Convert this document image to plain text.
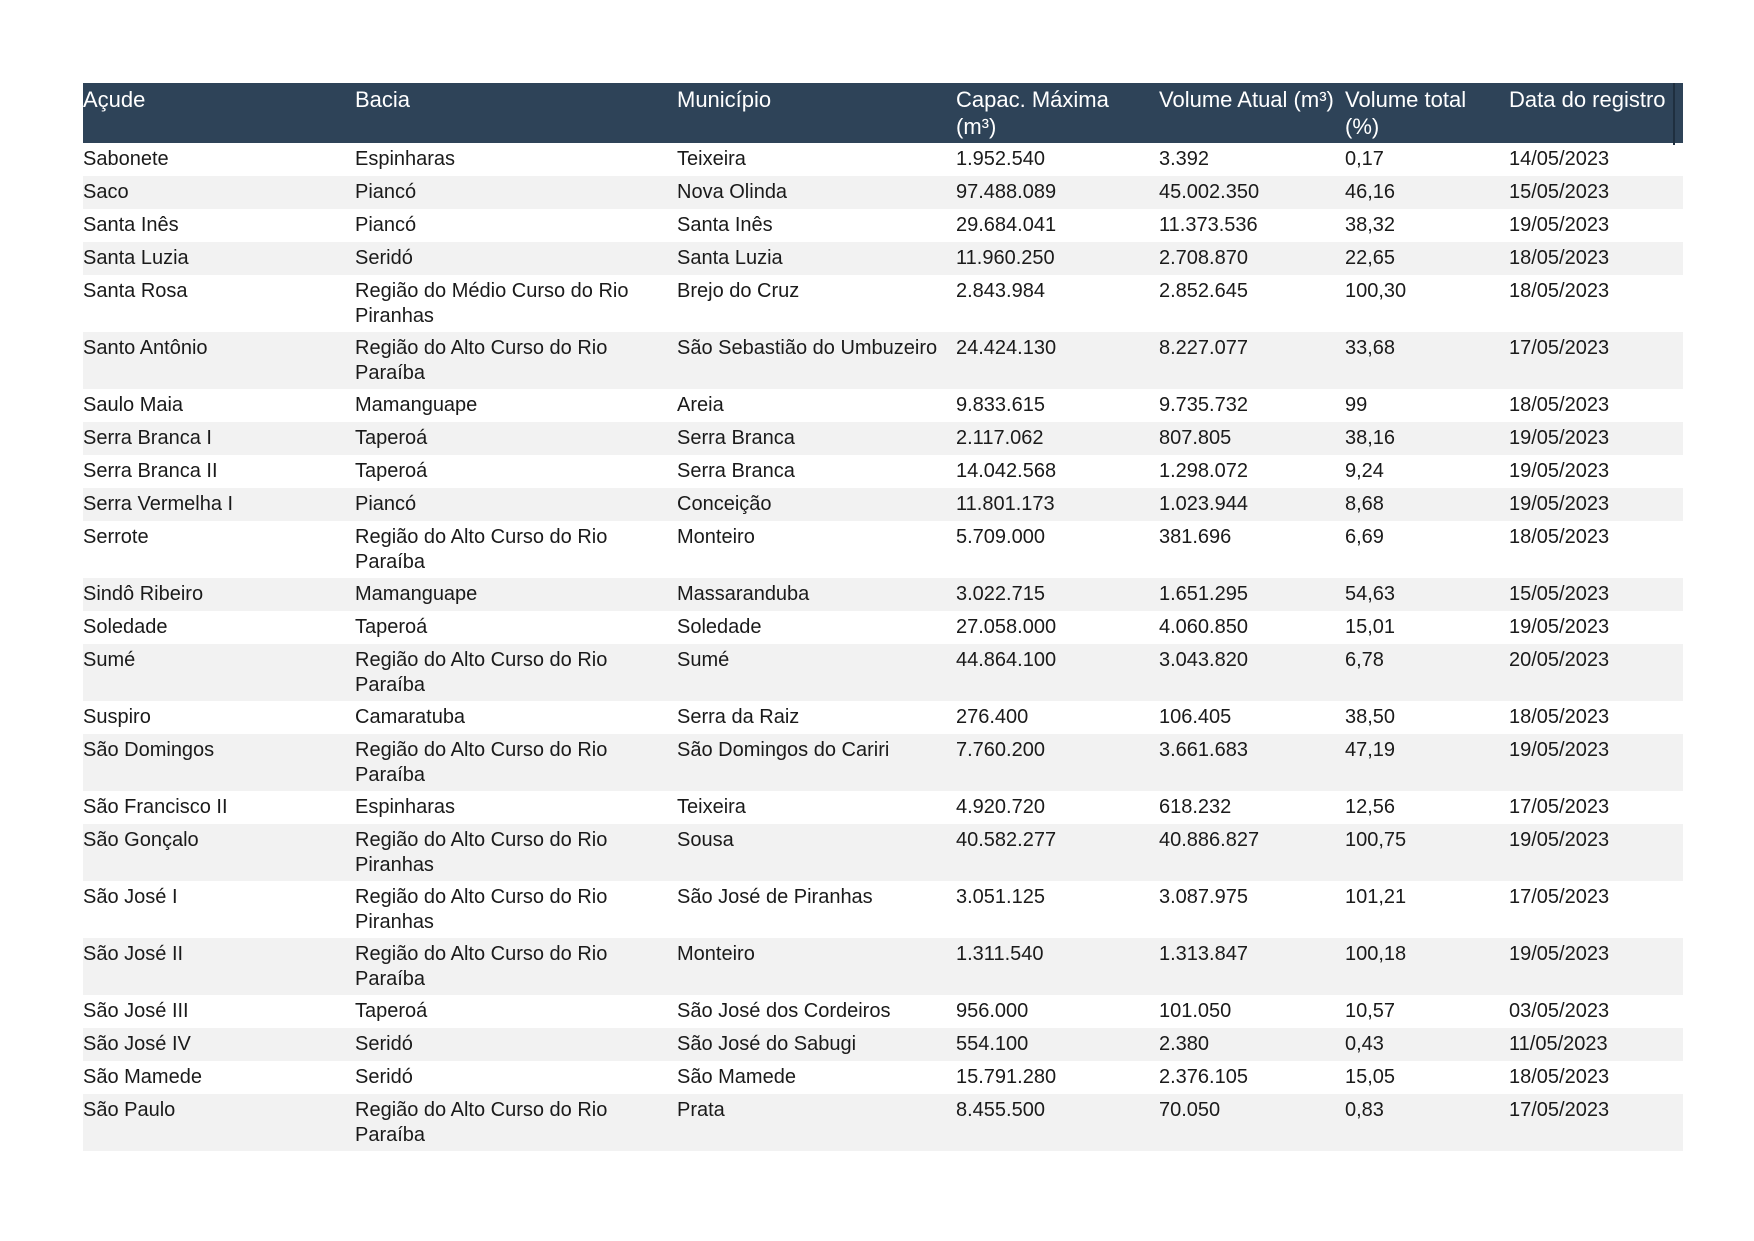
Açude	Bacia	Município	Capac. Máxima (m³)	Volume Atual (m³)	Volume total (%)	Data do registro
Sabonete	Espinharas	Teixeira	1.952.540	3.392	0,17	14/05/2023
Saco	Piancó	Nova Olinda	97.488.089	45.002.350	46,16	15/05/2023
Santa Inês	Piancó	Santa Inês	29.684.041	11.373.536	38,32	19/05/2023
Santa Luzia	Seridó	Santa Luzia	11.960.250	2.708.870	22,65	18/05/2023
Santa Rosa	Região do Médio Curso do Rio Piranhas	Brejo do Cruz	2.843.984	2.852.645	100,30	18/05/2023
Santo Antônio	Região do Alto Curso do Rio Paraíba	São Sebastião do Umbuzeiro	24.424.130	8.227.077	33,68	17/05/2023
Saulo Maia	Mamanguape	Areia	9.833.615	9.735.732	99	18/05/2023
Serra Branca I	Taperoá	Serra Branca	2.117.062	807.805	38,16	19/05/2023
Serra Branca II	Taperoá	Serra Branca	14.042.568	1.298.072	9,24	19/05/2023
Serra Vermelha I	Piancó	Conceição	11.801.173	1.023.944	8,68	19/05/2023
Serrote	Região do Alto Curso do Rio Paraíba	Monteiro	5.709.000	381.696	6,69	18/05/2023
Sindô Ribeiro	Mamanguape	Massaranduba	3.022.715	1.651.295	54,63	15/05/2023
Soledade	Taperoá	Soledade	27.058.000	4.060.850	15,01	19/05/2023
Sumé	Região do Alto Curso do Rio Paraíba	Sumé	44.864.100	3.043.820	6,78	20/05/2023
Suspiro	Camaratuba	Serra da Raiz	276.400	106.405	38,50	18/05/2023
São Domingos	Região do Alto Curso do Rio Paraíba	São Domingos do Cariri	7.760.200	3.661.683	47,19	19/05/2023
São Francisco II	Espinharas	Teixeira	4.920.720	618.232	12,56	17/05/2023
São Gonçalo	Região do Alto Curso do Rio Piranhas	Sousa	40.582.277	40.886.827	100,75	19/05/2023
São José I	Região do Alto Curso do Rio Piranhas	São José de Piranhas	3.051.125	3.087.975	101,21	17/05/2023
São José II	Região do Alto Curso do Rio Paraíba	Monteiro	1.311.540	1.313.847	100,18	19/05/2023
São José III	Taperoá	São José dos Cordeiros	956.000	101.050	10,57	03/05/2023
São José IV	Seridó	São José do Sabugi	554.100	2.380	0,43	11/05/2023
São Mamede	Seridó	São Mamede	15.791.280	2.376.105	15,05	18/05/2023
São Paulo	Região do Alto Curso do Rio Paraíba	Prata	8.455.500	70.050	0,83	17/05/2023
